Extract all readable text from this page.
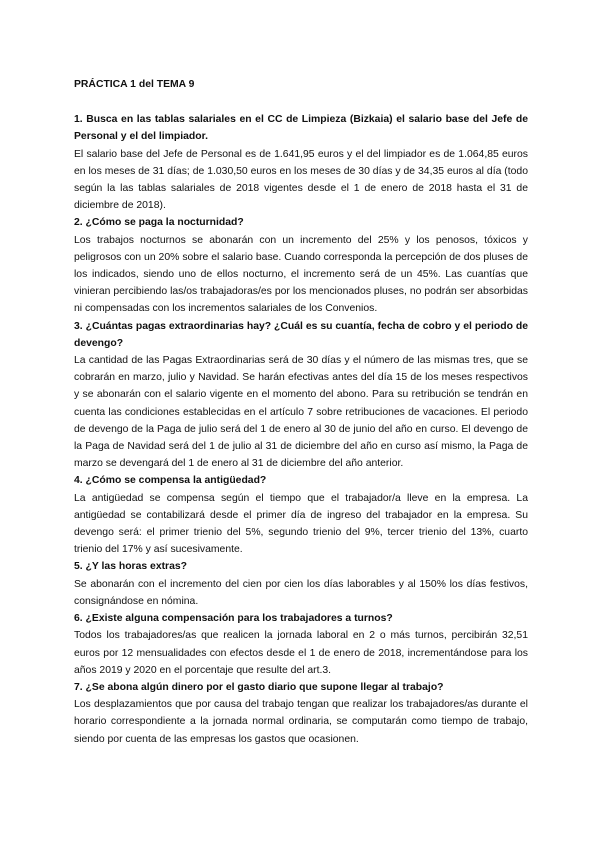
PRÁCTICA 1 del TEMA 9

1. Busca en las tablas salariales en el CC de Limpieza (Bizkaia) el salario base del Jefe de Personal y el del limpiador.

El salario base del Jefe de Personal es de 1.641,95 euros y el del limpiador es de 1.064,85 euros en los meses de 31 días; de 1.030,50 euros en los meses de 30 días y de 34,35 euros al día (todo según la las tablas salariales de 2018 vigentes desde el 1 de enero de 2018 hasta el 31 de diciembre de 2018).

2. ¿Cómo se paga la nocturnidad?

Los trabajos nocturnos se abonarán con un incremento del 25% y los penosos, tóxicos y peligrosos con un 20% sobre el salario base. Cuando corresponda la percepción de dos pluses de los indicados, siendo uno de ellos nocturno, el incremento será de un 45%. Las cuantías que vinieran percibiendo las/os trabajadoras/es por los mencionados pluses, no podrán ser absorbidas ni compensadas con los incrementos salariales de los Convenios.

3. ¿Cuántas pagas extraordinarias hay? ¿Cuál es su cuantía, fecha de cobro y el periodo de devengo?

La cantidad de las Pagas Extraordinarias será de 30 días y el número de las mismas tres, que se cobrarán en marzo, julio y Navidad. Se harán efectivas antes del día 15 de los meses respectivos y se abonarán con el salario vigente en el momento del abono. Para su retribución se tendrán en cuenta las condiciones establecidas en el artículo 7 sobre retribuciones de vacaciones. El periodo de devengo de la Paga de julio será del 1 de enero al 30 de junio del año en curso. El devengo de la Paga de Navidad será del 1 de julio al 31 de diciembre del año en curso así mismo, la Paga de marzo se devengará del 1 de enero al 31 de diciembre del año anterior.

4. ¿Cómo se compensa la antigüedad?

La antigüedad se compensa según el tiempo que el trabajador/a lleve en la empresa. La antigüedad se contabilizará desde el primer día de ingreso del trabajador en la empresa. Su devengo será: el primer trienio del 5%, segundo trienio del 9%, tercer trienio del 13%, cuarto trienio del 17% y así sucesivamente.

5. ¿Y las horas extras?

Se abonarán con el incremento del cien por cien los días laborables y al 150% los días festivos, consignándose en nómina.

6. ¿Existe alguna compensación para los trabajadores a turnos?

Todos los trabajadores/as que realicen la jornada laboral en 2 o más turnos, percibirán 32,51 euros por 12 mensualidades con efectos desde el 1 de enero de 2018, incrementándose para los años 2019 y 2020 en el porcentaje que resulte del art.3.

7. ¿Se abona algún dinero por el gasto diario que supone llegar al trabajo?

Los desplazamientos que por causa del trabajo tengan que realizar los trabajadores/as durante el horario correspondiente a la jornada normal ordinaria, se computarán como tiempo de trabajo, siendo por cuenta de las empresas los gastos que ocasionen.
